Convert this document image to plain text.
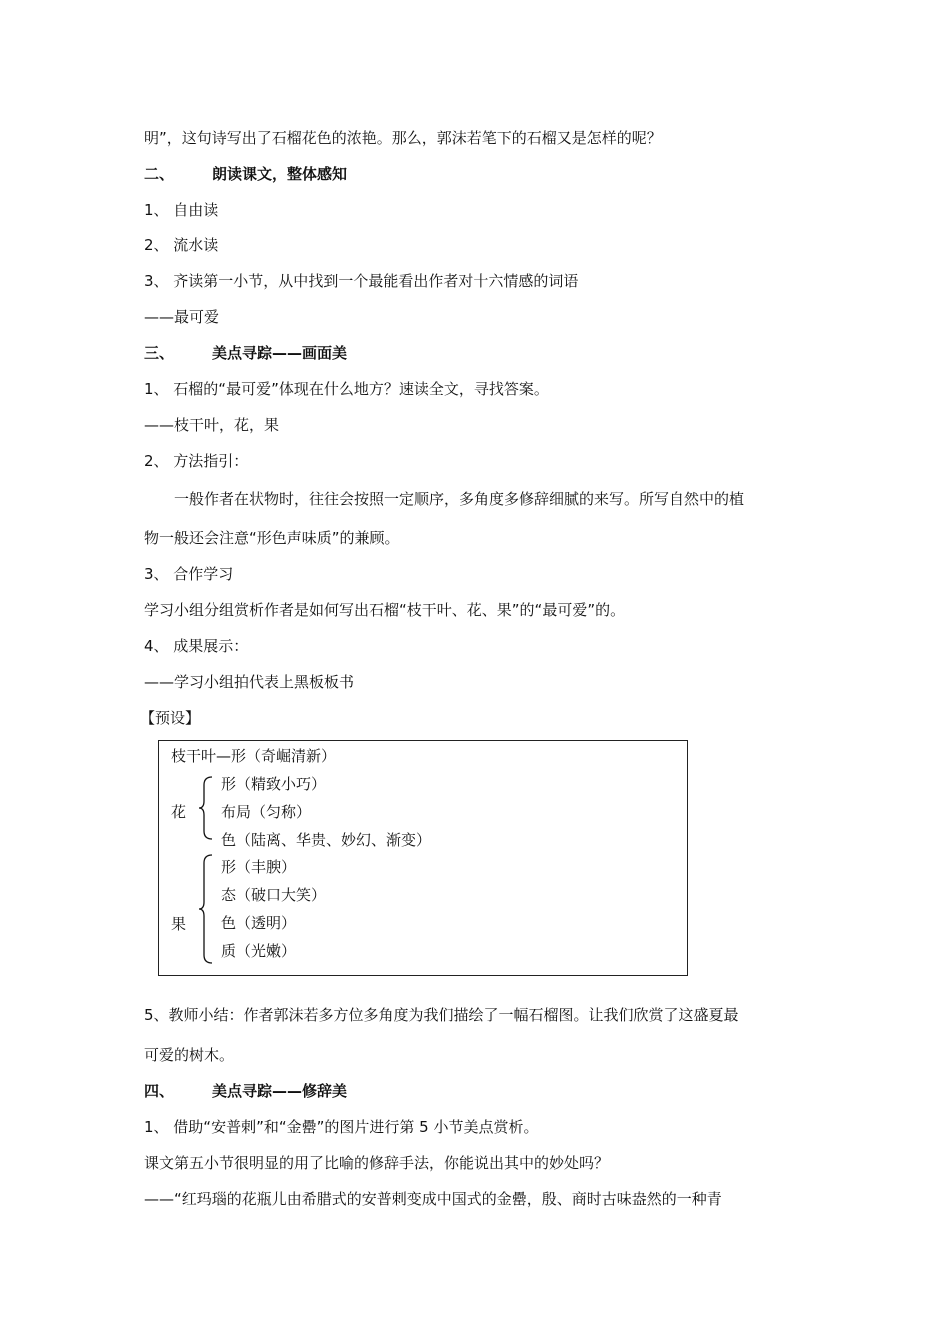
明”，这句诗写出了石榴花色的浓艳。那么，郭沫若笔下的石榴又是怎样的呢？
二、	朗读课文，整体感知
1、 自由读
2、 流水读
3、 齐读第一小节，从中找到一个最能看出作者对十六情感的词语
——最可爱
三、	美点寻踪——画面美
1、 石榴的“最可爱”体现在什么地方？速读全文，寻找答案。
——枝干叶，花，果
2、 方法指引：
一般作者在状物时，往往会按照一定顺序，多角度多修辞细腻的来写。所写自然中的植
物一般还会注意“形色声味质”的兼顾。
3、 合作学习
学习小组分组赏析作者是如何写出石榴“枝干叶、花、果”的“最可爱”的。
4、 成果展示：
——学习小组拍代表上黑板板书
【预设】
枝干叶—形（奇崛清新）
花
形（精致小巧）
布局（匀称）
色（陆离、华贵、妙幻、渐变）
果
形（丰腴）
态（破口大笑）
色（透明）
质（光嫩）
5、教师小结：作者郭沫若多方位多角度为我们描绘了一幅石榴图。让我们欣赏了这盛夏最
可爱的树木。
四、	美点寻踪——修辞美
1、 借助“安普剌”和“金罍”的图片进行第 5 小节美点赏析。
课文第五小节很明显的用了比喻的修辞手法，你能说出其中的妙处吗？
——“红玛瑙的花瓶儿由希腊式的安普剌变成中国式的金罍，殷、商时古味盎然的一种青
